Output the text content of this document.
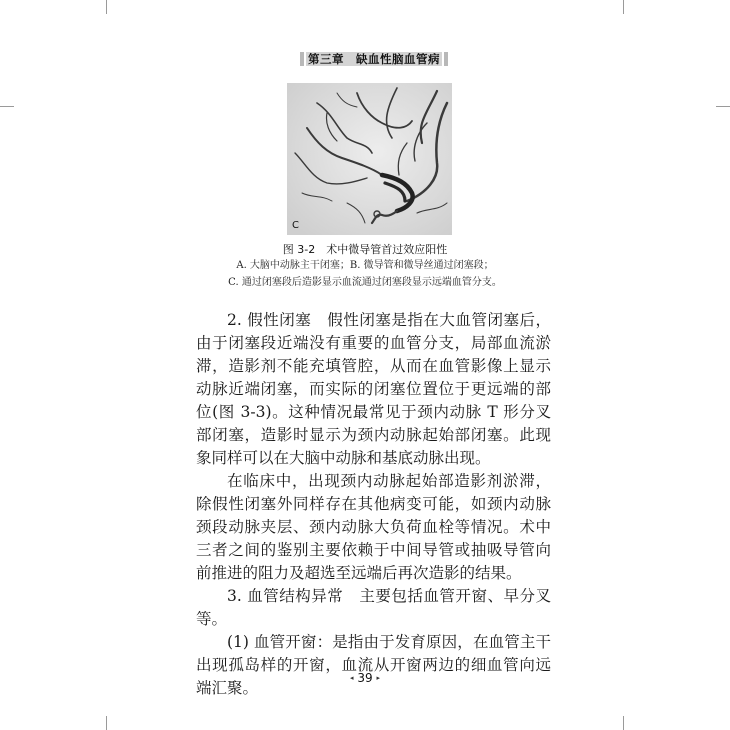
第三章　缺血性脑血管病
C
图 3-2　术中微导管首过效应阳性
A. 大脑中动脉主干闭塞；B. 微导管和微导丝通过闭塞段；
C. 通过闭塞段后造影显示血流通过闭塞段显示远端血管分支。

2. 假性闭塞　假性闭塞是指在大血管闭塞后，由于闭塞段近端没有重要的血管分支，局部血流淤滞，造影剂不能充填管腔，从而在血管影像上显示动脉近端闭塞，而实际的闭塞位置位于更远端的部位(图 3-3)。这种情况最常见于颈内动脉 T 形分叉部闭塞，造影时显示为颈内动脉起始部闭塞。此现象同样可以在大脑中动脉和基底动脉出现。

在临床中，出现颈内动脉起始部造影剂淤滞，除假性闭塞外同样存在其他病变可能，如颈内动脉颈段动脉夹层、颈内动脉大负荷血栓等情况。术中三者之间的鉴别主要依赖于中间导管或抽吸导管向前推进的阻力及超选至远端后再次造影的结果。

3. 血管结构异常　主要包括血管开窗、早分叉等。

(1) 血管开窗：是指由于发育原因，在血管主干出现孤岛样的开窗，血流从开窗两边的细血管向远端汇聚。

◂ 39 ▸
